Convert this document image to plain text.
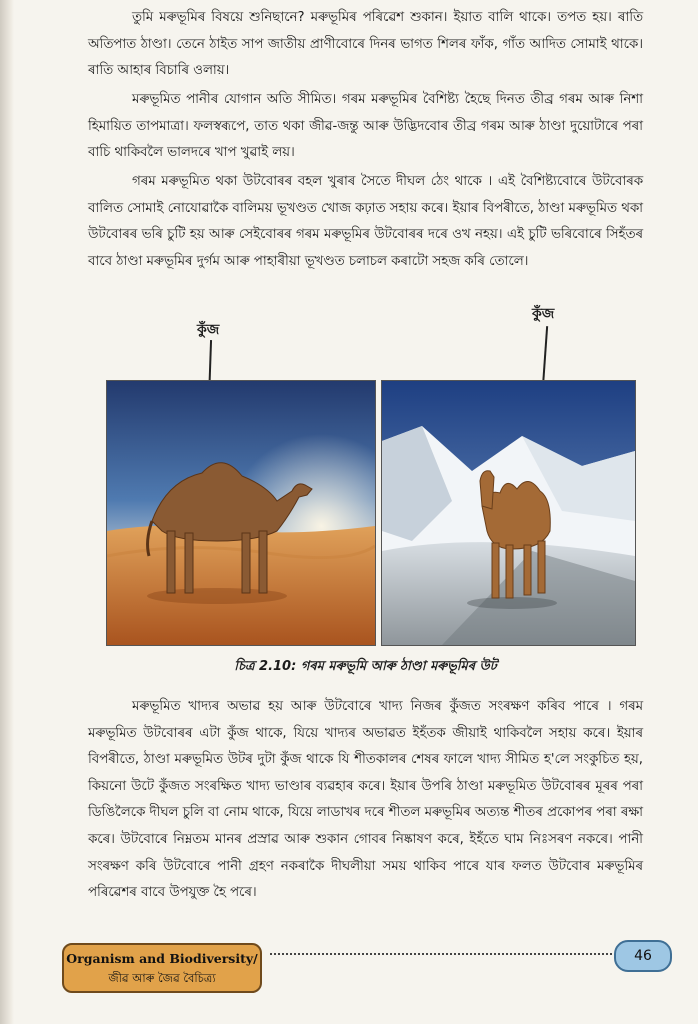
তুমি মৰুভূমিৰ বিষয়ে শুনিছানে? মৰুভূমিৰ পৰিৱেশ শুকান। ইয়াত বালি থাকে। তপত হয়। ৰাতি অতিপাত ঠাণ্ডা। তেনে ঠাইত সাপ জাতীয় প্ৰাণীবোৰে দিনৰ ভাগত শিলৰ ফাঁক, গাঁত আদিত সোমাই থাকে। ৰাতি আহাৰ বিচাৰি ওলায়।

মৰুভূমিত পানীৰ যোগান অতি সীমিত। গৰম মৰুভূমিৰ বৈশিষ্ট্য হৈছে দিনত তীব্ৰ গৰম আৰু নিশা হিমায়িত তাপমাত্ৰা। ফলস্বৰূপে, তাত থকা জীৱ-জন্তু আৰু উদ্ভিদবোৰ তীব্ৰ গৰম আৰু ঠাণ্ডা দুয়োটাৰে পৰা বাচি থাকিবলৈ ভালদৰে খাপ খুৱাই লয়।

গৰম মৰুভূমিত থকা উটবোৰৰ বহল খুৰাৰ সৈতে দীঘল ঠেং থাকে । এই বৈশিষ্ট্যবোৰে উটবোৰক বালিত সোমাই নোযোৱাকৈ বালিময় ভূখণ্ডত খোজ কঢ়াত সহায় কৰে। ইয়াৰ বিপৰীতে, ঠাণ্ডা মৰুভূমিত থকা উটবোৰৰ ভৰি চুটি হয় আৰু সেইবোৰৰ গৰম মৰুভূমিৰ উটবোৰৰ দৰে ওখ নহয়। এই চুটি ভৰিবোৰে সিহঁতৰ বাবে ঠাণ্ডা মৰুভূমিৰ দুৰ্গম আৰু পাহাৰীয়া ভূখণ্ডত চলাচল কৰাটো সহজ কৰি তোলে।

কুঁজ
কুঁজ
চিত্ৰ 2.10: গৰম মৰুভূমি আৰু ঠাণ্ডা মৰুভূমিৰ উট

মৰুভূমিত খাদ্যৰ অভাৱ হয় আৰু উটবোৰে খাদ্য নিজৰ কুঁজত সংৰক্ষণ কৰিব পাৰে । গৰম মৰুভূমিত উটবোৰৰ এটা কুঁজ থাকে, যিয়ে খাদ্যৰ অভাৱত ইহঁতক জীয়াই থাকিবলৈ সহায় কৰে। ইয়াৰ বিপৰীতে, ঠাণ্ডা মৰুভূমিত উটৰ দুটা কুঁজ থাকে যি শীতকালৰ শেষৰ ফালে খাদ্য সীমিত হ'লে সংকুচিত হয়, কিয়নো উটে কুঁজত সংৰক্ষিত খাদ্য ভাণ্ডাৰ ব্যৱহাৰ কৰে। ইয়াৰ উপৰি ঠাণ্ডা মৰুভূমিত উটবোৰৰ মূৰৰ পৰা ডিঙিলৈকে দীঘল চুলি বা নোম থাকে, যিয়ে লাডাখৰ দৰে শীতল মৰুভূমিৰ অত্যন্ত শীতৰ প্ৰকোপৰ পৰা ৰক্ষা কৰে। উটবোৰে নিম্নতম মানৰ প্ৰস্ৰাৱ আৰু শুকান গোবৰ নিষ্কাষণ কৰে, ইহঁতে ঘাম নিঃসৰণ নকৰে। পানী সংৰক্ষণ কৰি উটবোৰে পানী গ্ৰহণ নকৰাকৈ দীঘলীয়া সময় থাকিব পাৰে যাৰ ফলত উটবোৰ মৰুভূমিৰ পৰিৱেশৰ বাবে উপযুক্ত হৈ পৰে।

Organism and Biodiversity/
জীৱ আৰু জৈৱ বৈচিত্ৰ্য
46
